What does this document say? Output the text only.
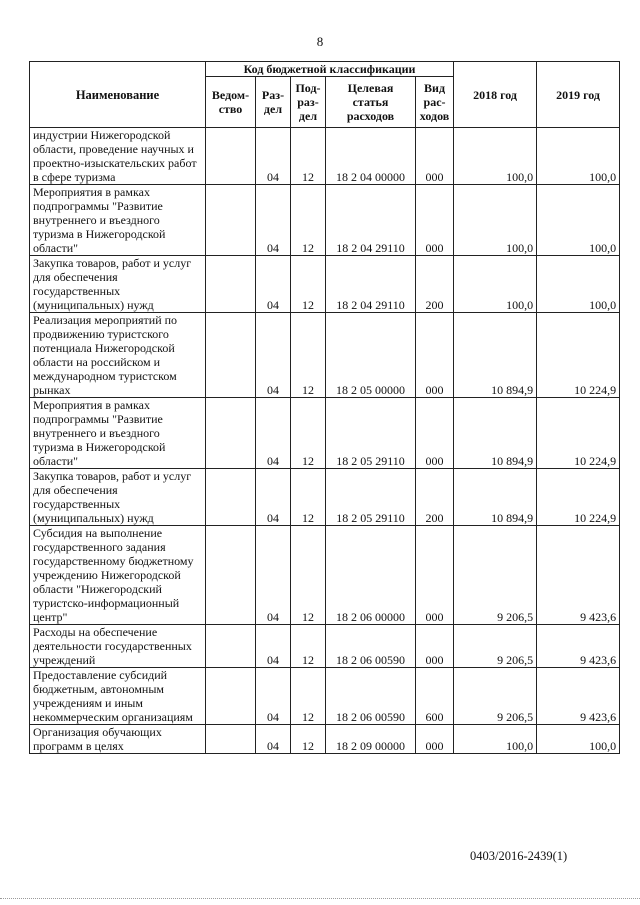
8
Наименование	Код бюджетной классификации					2018 год	2019 год
	Ведом-ство	Раз-дел	Под-раз-дел	Целевая статья расходов	Вид рас-ходов		
индустрии Нижегородской области, проведение научных и проектно-изыскательских работ в сфере туризма		04	12	18 2 04 00000	000	100,0	100,0
Мероприятия в рамках подпрограммы "Развитие внутреннего и въездного туризма в Нижегородской области"		04	12	18 2 04 29110	000	100,0	100,0
Закупка товаров, работ и услуг для обеспечения государственных (муниципальных) нужд		04	12	18 2 04 29110	200	100,0	100,0
Реализация мероприятий по продвижению туристского потенциала Нижегородской области на российском и международном туристском рынках		04	12	18 2 05 00000	000	10 894,9	10 224,9
Мероприятия в рамках подпрограммы "Развитие внутреннего и въездного туризма в Нижегородской области"		04	12	18 2 05 29110	000	10 894,9	10 224,9
Закупка товаров, работ и услуг для обеспечения государственных (муниципальных) нужд		04	12	18 2 05 29110	200	10 894,9	10 224,9
Субсидия на выполнение государственного задания государственному бюджетному учреждению Нижегородской области "Нижегородский туристско-информационный центр"		04	12	18 2 06 00000	000	9 206,5	9 423,6
Расходы на обеспечение деятельности государственных учреждений		04	12	18 2 06 00590	000	9 206,5	9 423,6
Предоставление субсидий бюджетным, автономным учреждениям и иным некоммерческим организациям		04	12	18 2 06 00590	600	9 206,5	9 423,6
Организация обучающих программ в целях		04	12	18 2 09 00000	000	100,0	100,0
0403/2016-2439(1)
